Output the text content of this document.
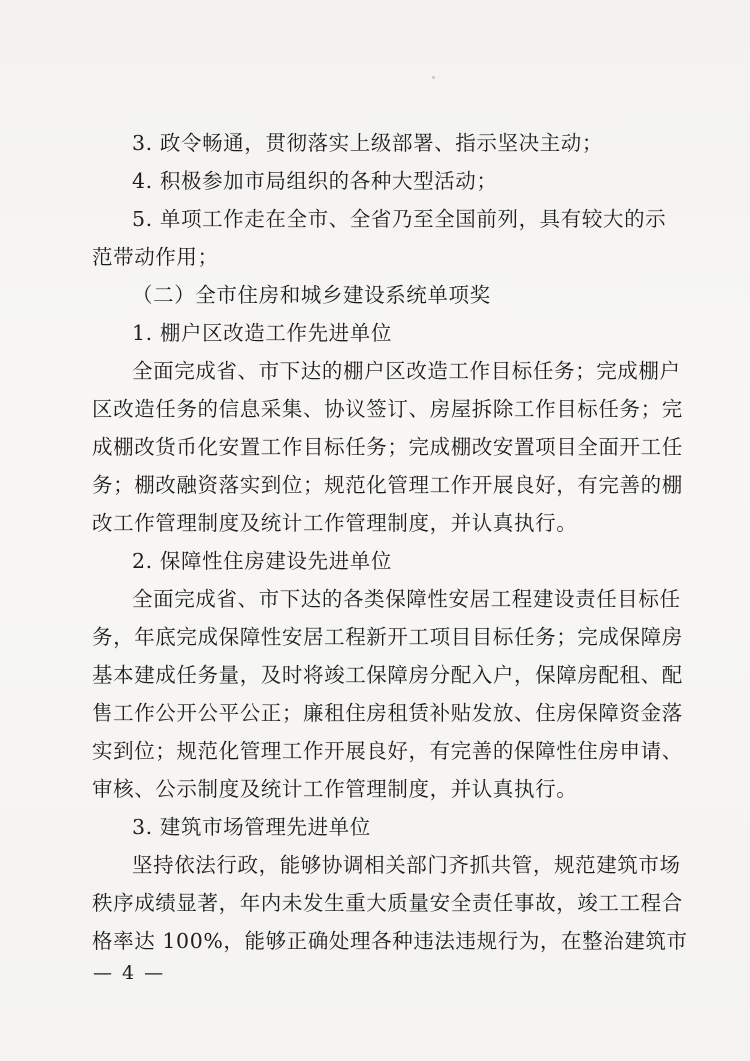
3. 政令畅通，贯彻落实上级部署、指示坚决主动；
4. 积极参加市局组织的各种大型活动；
5. 单项工作走在全市、全省乃至全国前列，具有较大的示
范带动作用；
（二）全市住房和城乡建设系统单项奖
1. 棚户区改造工作先进单位
全面完成省、市下达的棚户区改造工作目标任务；完成棚户
区改造任务的信息采集、协议签订、房屋拆除工作目标任务；完
成棚改货币化安置工作目标任务；完成棚改安置项目全面开工任
务；棚改融资落实到位；规范化管理工作开展良好，有完善的棚
改工作管理制度及统计工作管理制度，并认真执行。
2. 保障性住房建设先进单位
全面完成省、市下达的各类保障性安居工程建设责任目标任
务，年底完成保障性安居工程新开工项目目标任务；完成保障房
基本建成任务量，及时将竣工保障房分配入户，保障房配租、配
售工作公开公平公正；廉租住房租赁补贴发放、住房保障资金落
实到位；规范化管理工作开展良好，有完善的保障性住房申请、
审核、公示制度及统计工作管理制度，并认真执行。
3. 建筑市场管理先进单位
坚持依法行政，能够协调相关部门齐抓共管，规范建筑市场
秩序成绩显著，年内未发生重大质量安全责任事故，竣工工程合
格率达 100%，能够正确处理各种违法违规行为，在整治建筑市
— 4 —
